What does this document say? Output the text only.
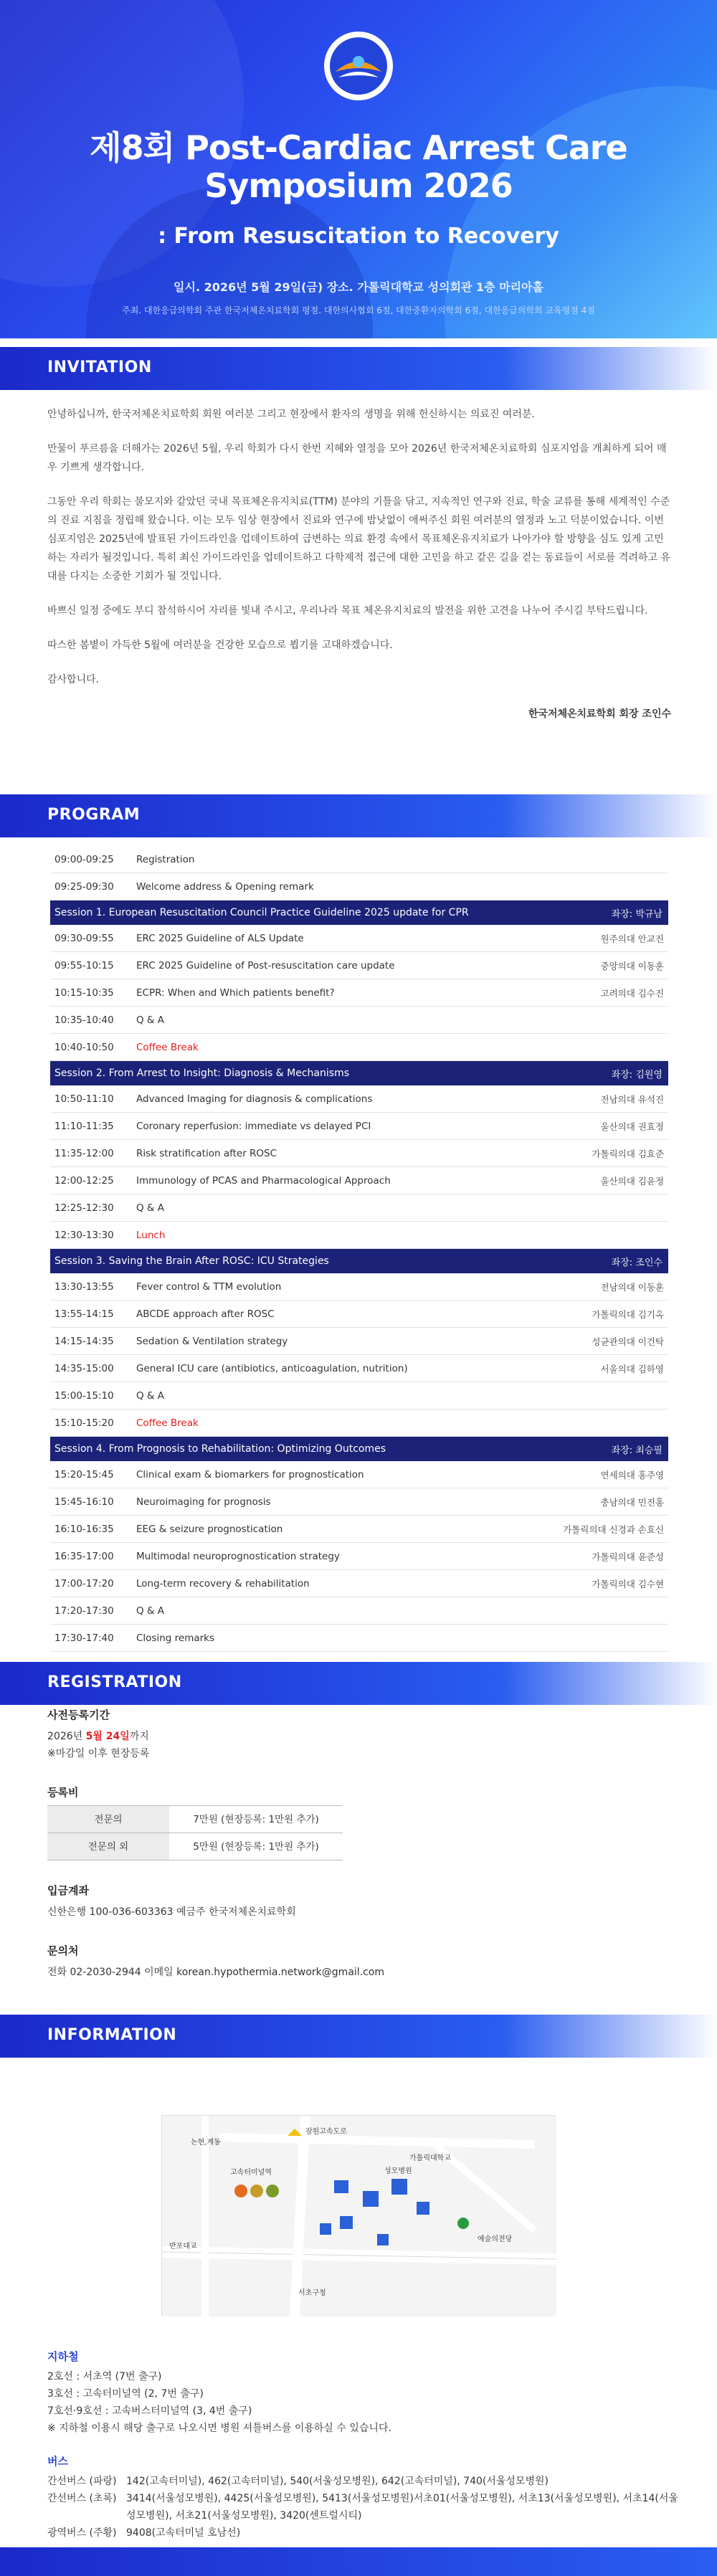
제8회 Post-Cardiac Arrest Care
Symposium 2026
: From Resuscitation to Recovery
일시. 2026년 5월 29일(금) 장소. 가톨릭대학교 성의회관 1층 마리아홀
주최. 대한응급의학회 주관 한국저체온치료학회 평점. 대한의사협회 6점, 대한중환자의학회 6점, 대한응급의학회 교육평점 4점
INVITATION

안녕하십니까, 한국저체온치료학회 회원 여러분 그리고 현장에서 환자의 생명을 위해 헌신하시는 의료진 여러분.

만물이 푸르름을 더해가는 2026년 5월, 우리 학회가 다시 한번 지혜와 열정을 모아 2026년 한국저체온치료학회 심포지엄을 개최하게 되어 매우 기쁘게 생각합니다.

그동안 우리 학회는 불모지와 같았던 국내 목표체온유지치료(TTM) 분야의 기틀을 닦고, 지속적인 연구와 진료, 학술 교류를 통해 세계적인 수준의 진료 지침을 정립해 왔습니다. 이는 모두 임상 현장에서 진료와 연구에 밤낮없이 애써주신 회원 여러분의 열정과 노고 덕분이었습니다. 이번 심포지엄은 2025년에 발표된 가이드라인을 업데이트하여 급변하는 의료 환경 속에서 목표체온유지치료가 나아가야 할 방향을 심도 있게 고민하는 자리가 될것입니다. 특히 최신 가이드라인을 업데이트하고 다학제적 접근에 대한 고민을 하고 같은 길을 걷는 동료들이 서로를 격려하고 유대를 다지는 소중한 기회가 될 것입니다.

바쁘신 일정 중에도 부디 참석하시어 자리를 빛내 주시고, 우리나라 목표 체온유지치료의 발전을 위한 고견을 나누어 주시길 부탁드립니다.

따스한 봄볕이 가득한 5월에 여러분을 건강한 모습으로 뵙기를 고대하겠습니다.

감사합니다.

한국저체온치료학회 회장 조인수
PROGRAM
09:00-09:25	Registration
09:25-09:30	Welcome address & Opening remark
Session 1. European Resuscitation Council Practice Guideline 2025 update for CPR	좌장: 박규남
09:30-09:55	ERC 2025 Guideline of ALS Update	원주의대 안교진
09:55-10:15	ERC 2025 Guideline of Post-resuscitation care update	중앙의대 이동훈
10:15-10:35	ECPR: When and Which patients benefit?	고려의대 김수진
10:35-10:40	Q & A
10:40-10:50	Coffee Break
Session 2. From Arrest to Insight: Diagnosis & Mechanisms	좌장: 김원영
10:50-11:10	Advanced Imaging for diagnosis & complications	전남의대 유석진
11:10-11:35	Coronary reperfusion: immediate vs delayed PCI	울산의대 권효정
11:35-12:00	Risk stratification after ROSC	가톨릭의대 김효준
12:00-12:25	Immunology of PCAS and Pharmacological Approach	울산의대 김윤정
12:25-12:30	Q & A
12:30-13:30	Lunch
Session 3. Saving the Brain After ROSC: ICU Strategies	좌장: 조인수
13:30-13:55	Fever control & TTM evolution	전남의대 이동훈
13:55-14:15	ABCDE approach after ROSC	가톨릭의대 김기옥
14:15-14:35	Sedation & Ventilation strategy	성균관의대 이건탁
14:35-15:00	General ICU care (antibiotics, anticoagulation, nutrition)	서울의대 김하영
15:00-15:10	Q & A
15:10-15:20	Coffee Break
Session 4. From Prognosis to Rehabilitation: Optimizing Outcomes	좌장: 최승필
15:20-15:45	Clinical exam & biomarkers for prognostication	연세의대 홍주영
15:45-16:10	Neuroimaging for prognosis	충남의대 민진홍
16:10-16:35	EEG & seizure prognostication	가톨릭의대 신경과 손효신
16:35-17:00	Multimodal neuroprognostication strategy	가톨릭의대 윤준성
17:00-17:20	Long-term recovery & rehabilitation	가톨릭의대 김수현
17:20-17:30	Q & A
17:30-17:40	Closing remarks
REGISTRATION
사전등록기간
2026년 5월 24일까지
※마감일 이후 현장등록
등록비
전문의	7만원 (현장등록: 1만원 추가)
전문의 외	5만원 (현장등록: 1만원 추가)
입금계좌
신한은행 100-036-603363 예금주 한국저체온치료학회
문의처
전화 02-2030-2944 이메일 korean.hypothermia.network@gmail.com
INFORMATION
논현,계동
잠원고속도로
반포대교
서초구청
성모병원
고속터미널역
가톨릭대학교
예술의전당
지하철
2호선 : 서초역 (7번 출구)
3호선 : 고속터미널역 (2, 7번 출구)
7호선·9호선 : 고속버스터미널역 (3, 4번 출구)
※ 지하철 이용시 해당 출구로 나오시면 병원 셔틀버스를 이용하실 수 있습니다.
버스
간선버스 (파랑) 142(고속터미널), 462(고속터미널), 540(서울성모병원), 642(고속터미널), 740(서울성모병원)
간선버스 (초록) 3414(서울성모병원), 4425(서울성모병원), 5413(서울성모병원)서초01(서울성모병원), 서초13(서울성모병원), 서초14(서울성모병원), 서초21(서울성모병원), 3420(센트럴시티)
광역버스 (주황) 9408(고속터미널 호남선)
